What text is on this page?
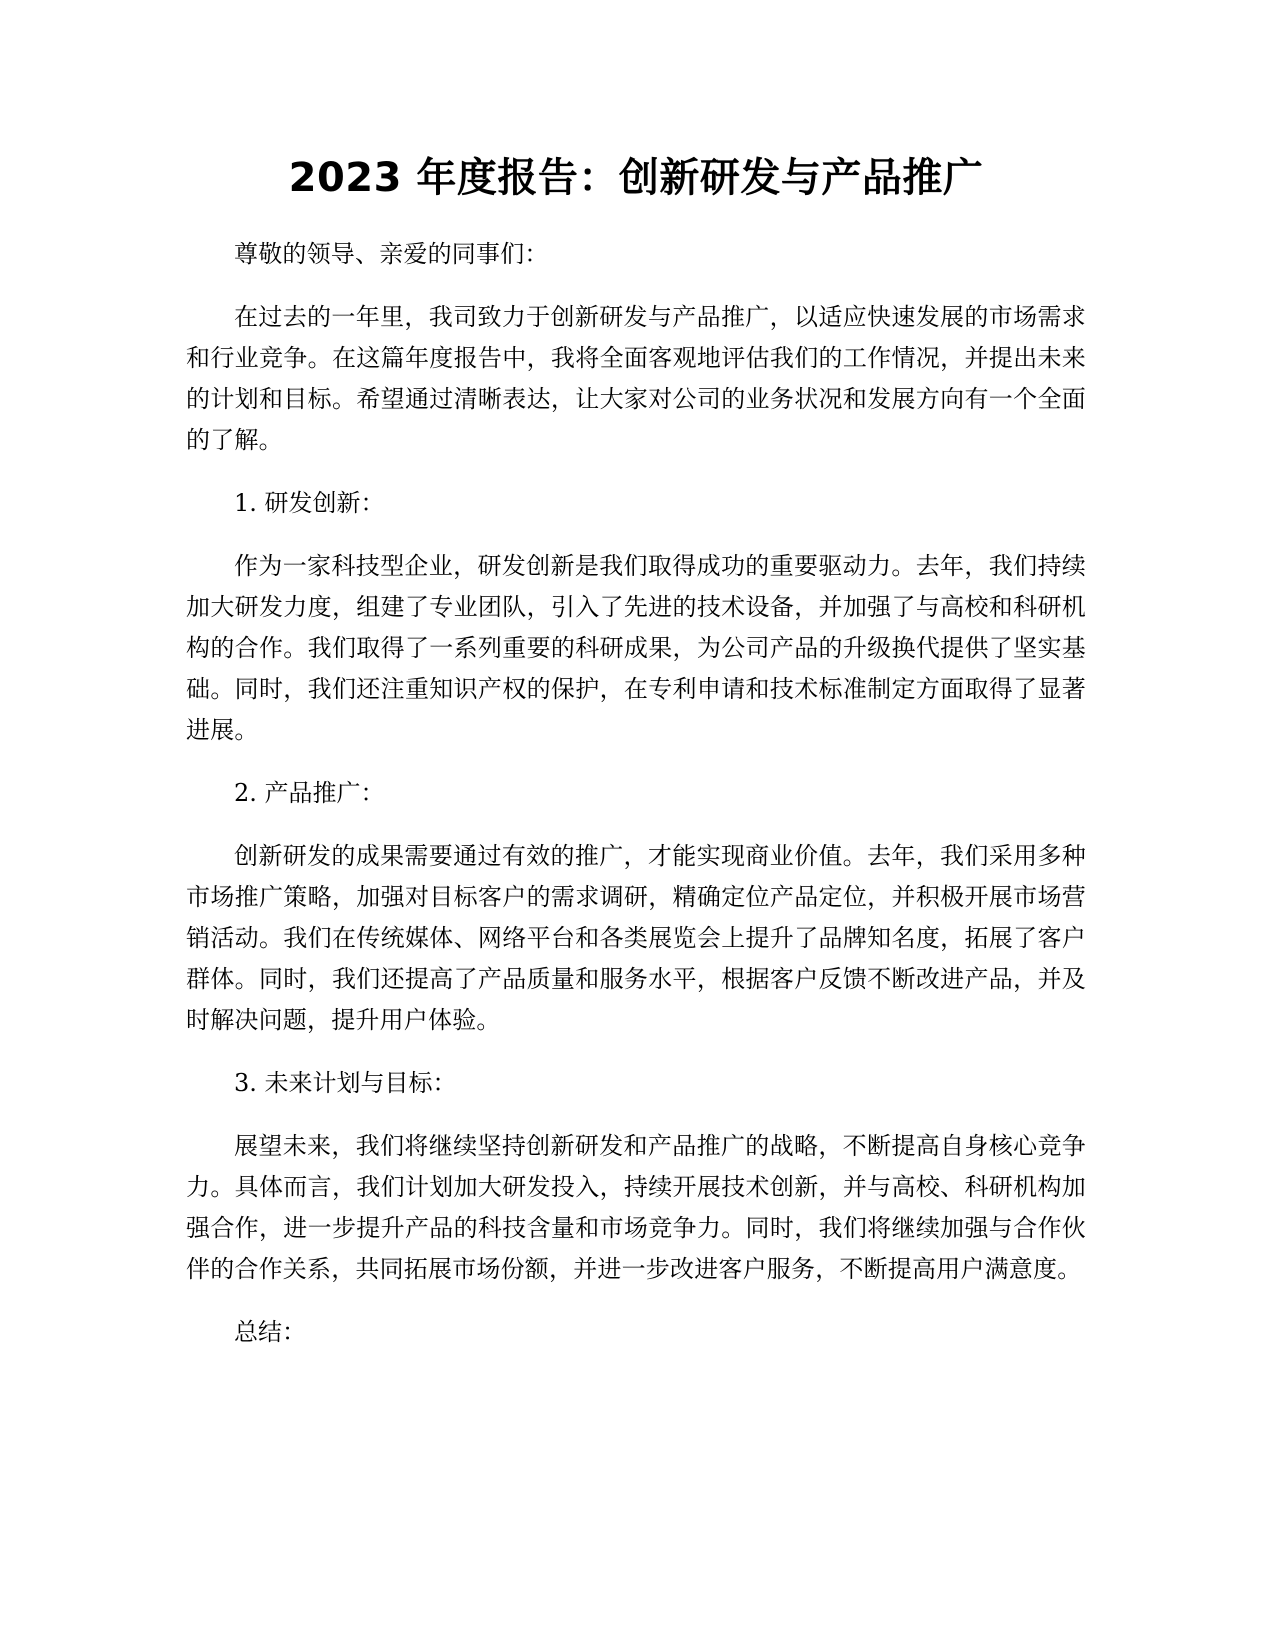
2023 年度报告：创新研发与产品推广

尊敬的领导、亲爱的同事们：

在过去的一年里，我司致力于创新研发与产品推广，以适应快速发展的市场需求和行业竞争。在这篇年度报告中，我将全面客观地评估我们的工作情况，并提出未来的计划和目标。希望通过清晰表达，让大家对公司的业务状况和发展方向有一个全面的了解。

1. 研发创新：

作为一家科技型企业，研发创新是我们取得成功的重要驱动力。去年，我们持续加大研发力度，组建了专业团队，引入了先进的技术设备，并加强了与高校和科研机构的合作。我们取得了一系列重要的科研成果，为公司产品的升级换代提供了坚实基础。同时，我们还注重知识产权的保护，在专利申请和技术标准制定方面取得了显著进展。

2. 产品推广：

创新研发的成果需要通过有效的推广，才能实现商业价值。去年，我们采用多种市场推广策略，加强对目标客户的需求调研，精确定位产品定位，并积极开展市场营销活动。我们在传统媒体、网络平台和各类展览会上提升了品牌知名度，拓展了客户群体。同时，我们还提高了产品质量和服务水平，根据客户反馈不断改进产品，并及时解决问题，提升用户体验。

3. 未来计划与目标：

展望未来，我们将继续坚持创新研发和产品推广的战略，不断提高自身核心竞争力。具体而言，我们计划加大研发投入，持续开展技术创新，并与高校、科研机构加强合作，进一步提升产品的科技含量和市场竞争力。同时，我们将继续加强与合作伙伴的合作关系，共同拓展市场份额，并进一步改进客户服务，不断提高用户满意度。

总结：
